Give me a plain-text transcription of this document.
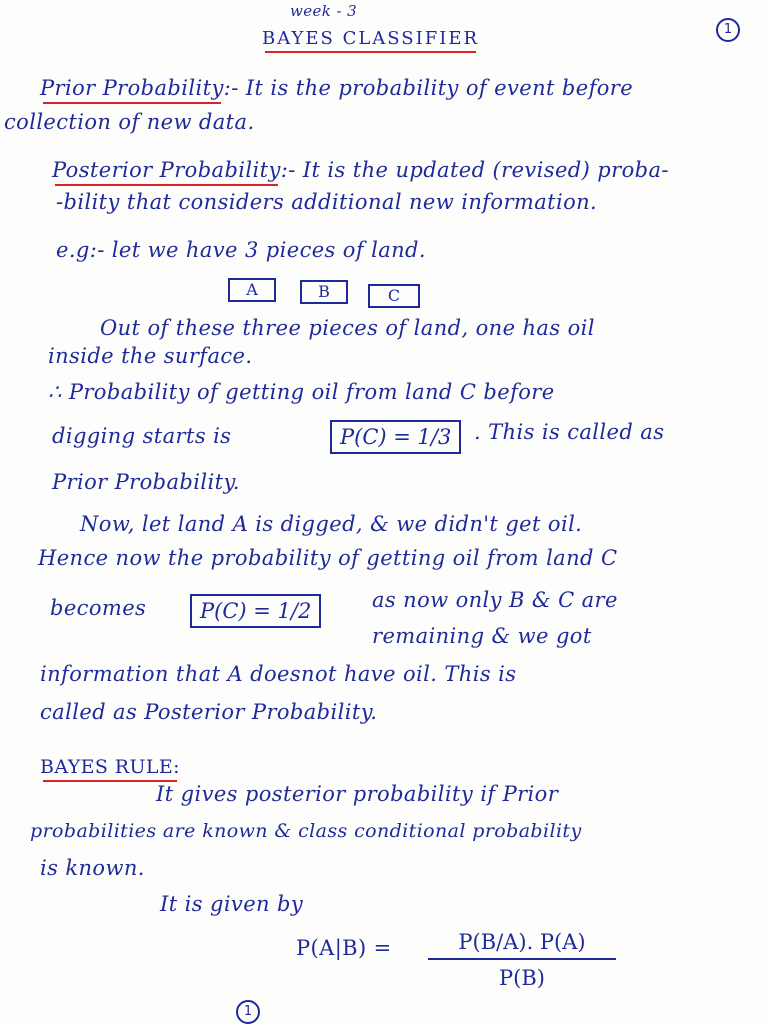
week - 3
BAYES CLASSIFIER	1
Prior Probability:- It is the probability of event before
collection of new data.
Posterior Probability:- It is the updated (revised) proba-
-bility that considers additional new information.
e.g:- let we have 3 pieces of land.
A	B	C
Out of these three pieces of land, one has oil
inside the surface.
∴ Probability of getting oil from land C before
digging starts is	P(C) = 1/3	. This is called as
Prior Probability.
Now, let land A is digged, & we didn't get oil.
Hence now the probability of getting oil from land C
becomes	P(C) = 1/2	as now only B & C are
remaining & we got
information that A doesnot have oil. This is
called as Posterior Probability.
BAYES RULE:
It gives posterior probability if Prior
probabilities are known & class conditional probability
is known.
It is given by
$P(A|B) = \frac{P(B/A). P(A)}{P(B)}$
1
